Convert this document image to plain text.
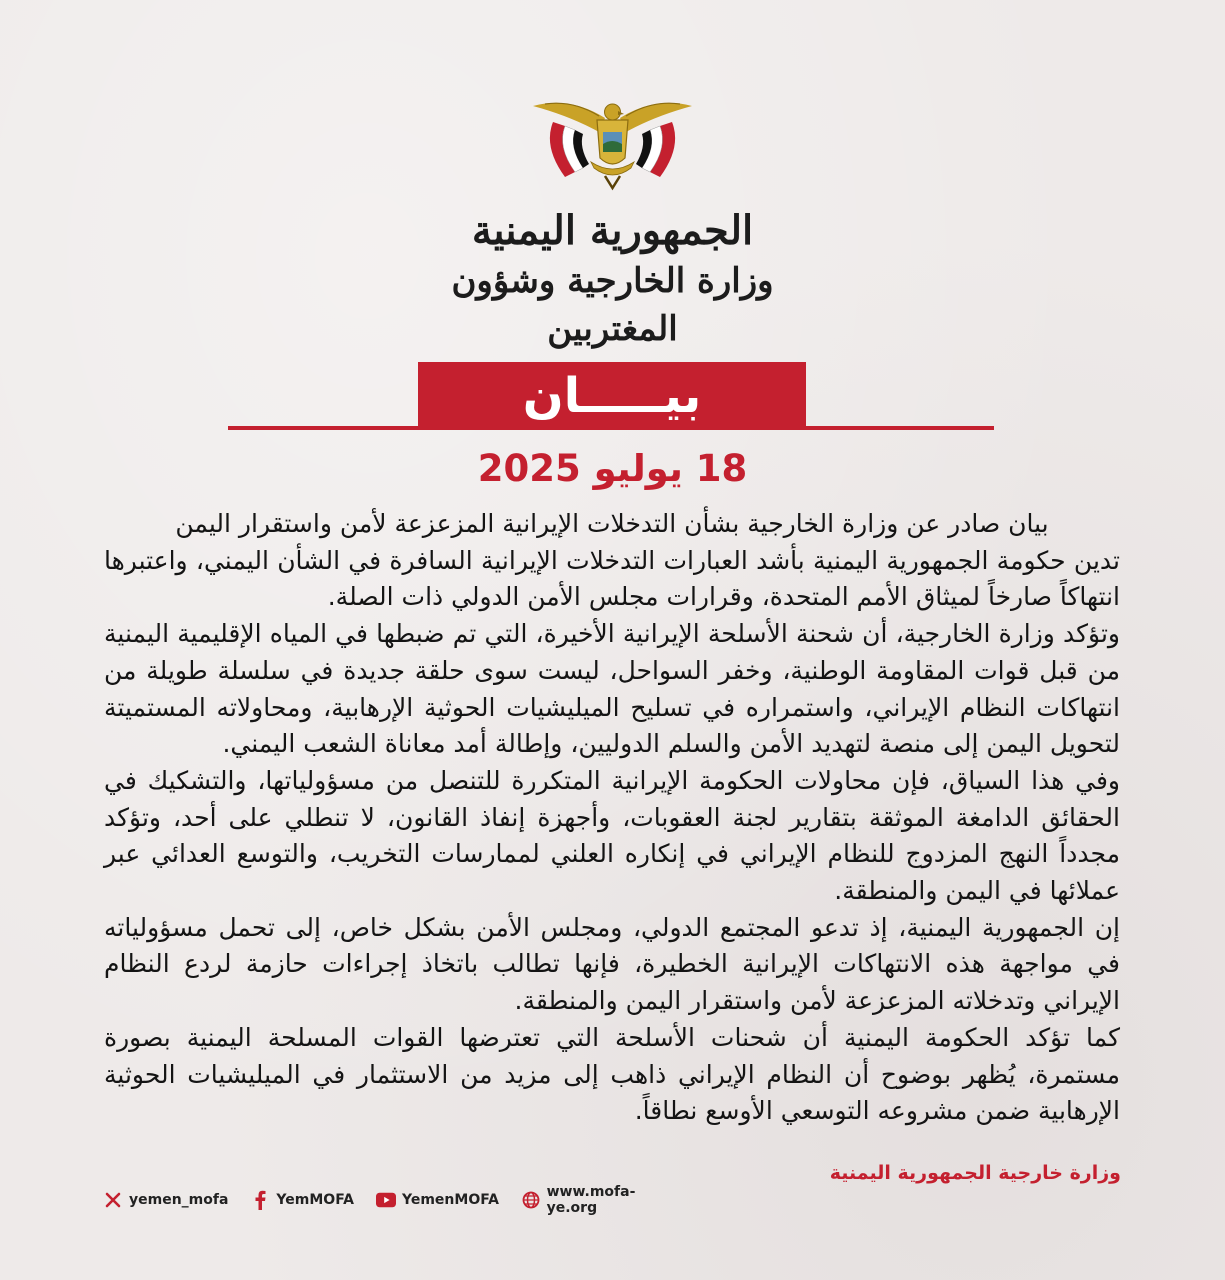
الجمهورية اليمنية
وزارة الخارجية وشؤون المغتربين
بيـــــان
18 يوليو 2025

بيان صادر عن وزارة الخارجية بشأن التدخلات الإيرانية المزعزعة لأمن واستقرار اليمن

تدين حكومة الجمهورية اليمنية بأشد العبارات التدخلات الإيرانية السافرة في الشأن اليمني، واعتبرها انتهاكاً صارخاً لميثاق الأمم المتحدة، وقرارات مجلس الأمن الدولي ذات الصلة.

وتؤكد وزارة الخارجية، أن شحنة الأسلحة الإيرانية الأخيرة، التي تم ضبطها في المياه الإقليمية اليمنية من قبل قوات المقاومة الوطنية، وخفر السواحل، ليست سوى حلقة جديدة في سلسلة طويلة من انتهاكات النظام الإيراني، واستمراره في تسليح الميليشيات الحوثية الإرهابية، ومحاولاته المستميتة لتحويل اليمن إلى منصة لتهديد الأمن والسلم الدوليين، وإطالة أمد معاناة الشعب اليمني.

وفي هذا السياق، فإن محاولات الحكومة الإيرانية المتكررة للتنصل من مسؤولياتها، والتشكيك في الحقائق الدامغة الموثقة بتقارير لجنة العقوبات، وأجهزة إنفاذ القانون، لا تنطلي على أحد، وتؤكد مجدداً النهج المزدوج للنظام الإيراني في إنكاره العلني لممارسات التخريب، والتوسع العدائي عبر عملائها في اليمن والمنطقة.

إن الجمهورية اليمنية، إذ تدعو المجتمع الدولي، ومجلس الأمن بشكل خاص، إلى تحمل مسؤولياته في مواجهة هذه الانتهاكات الإيرانية الخطيرة، فإنها تطالب باتخاذ إجراءات حازمة لردع النظام الإيراني وتدخلاته المزعزعة لأمن واستقرار اليمن والمنطقة.

كما تؤكد الحكومة اليمنية أن شحنات الأسلحة التي تعترضها القوات المسلحة اليمنية بصورة مستمرة، يُظهر بوضوح أن النظام الإيراني ذاهب إلى مزيد من الاستثمار في الميليشيات الحوثية الإرهابية ضمن مشروعه التوسعي الأوسع نطاقاً.

وزارة خارجية الجمهورية اليمنية
yemen_mofa	YemMOFA	YemenMOFA	www.mofa-ye.org
